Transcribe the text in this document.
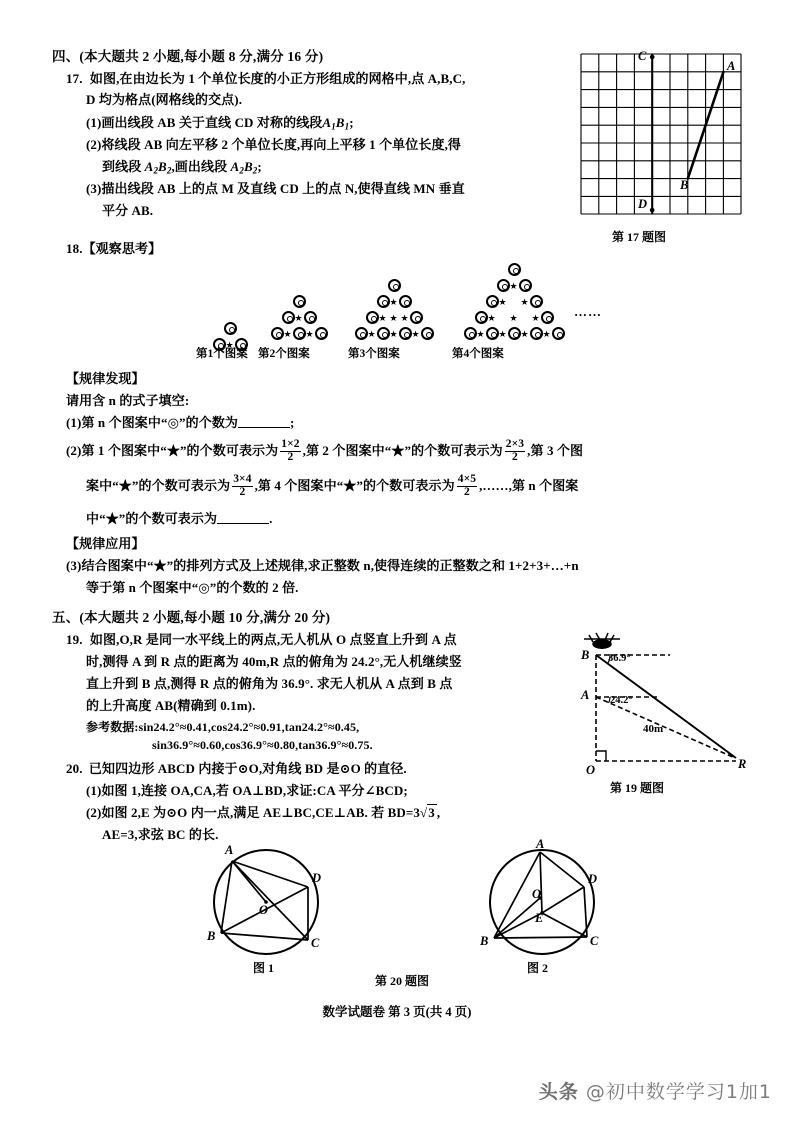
四、(本大题共 2 小题,每小题 8 分,满分 16 分)
17. 如图,在由边长为 1 个单位长度的小正方形组成的网格中,点 A,B,C,
D 均为格点(网格线的交点).
(1)画出线段 AB 关于直线 CD 对称的线段$A_1B_1$;
(2)将线段 AB 向左平移 2 个单位长度,再向上平移 1 个单位长度,得
到线段 $A_2B_2$,画出线段 $A_2B_2$;
(3)描出线段 AB 上的点 M 及直线 CD 上的点 N,使得直线 MN 垂直
平分 AB.
C
D
A
B
第 17 题图
18.【观察思考】
★
第1个图案
★
★ ★
第2个图案
★
★ ★
★ ★ ★
★
第3个图案
★
★ ★
★ ★ ★
★ ★ ★ ★
第4个图案
……
【规律发现】
请用含 n 的式子填空:
(1)第 n 个图案中“◎”的个数为	;
(2)第 1 个图案中“★”的个数可表示为 $\frac{1\times 2}{2}$ ,第 2 个图案中“★”的个数可表示为 $\frac{2\times 3}{2}$ ,第 3 个图
案中“★”的个数可表示为 $\frac{3\times 4}{2}$ ,第 4 个图案中“★”的个数可表示为 $\frac{4\times 5}{2}$ ,……,第 n 个图案
中“★”的个数可表示为	.
【规律应用】
(3)结合图案中“★”的排列方式及上述规律,求正整数 n,使得连续的正整数之和 1+2+3+…+n
等于第 n 个图案中“◎”的个数的 2 倍.
五、(本大题共 2 小题,每小题 10 分,满分 20 分)
19. 如图,O,R 是同一水平线上的两点,无人机从 O 点竖直上升到 A 点
时,测得 A 到 R 点的距离为 40m,R 点的俯角为 24.2°,无人机继续竖
直上升到 B 点,测得 R 点的俯角为 36.9°. 求无人机从 A 点到 B 点
的上升高度 AB(精确到 0.1m).
参考数据:sin24.2°≈0.41,cos24.2°≈0.91,tan24.2°≈0.45,
sin36.9°≈0.60,cos36.9°≈0.80,tan36.9°≈0.75.
B
A
O	R
36.9°
24.2°
40m
第 19 题图
20. 已知四边形 ABCD 内接于⊙O,对角线 BD 是⊙O 的直径.
(1)如图 1,连接 OA,CA,若 OA⊥BD,求证:CA 平分∠BCD;
(2)如图 2,E 为⊙O 内一点,满足 AE⊥BC,CE⊥AB. 若 BD=3√3 ,
AE=3,求弦 BC 的长.
A
D
O
B	C
图 1
A
D
O
E
B	C
图 2
第 20 题图
数学试题卷 第 3 页(共 4 页)
头条 @初中数学学习1加1
